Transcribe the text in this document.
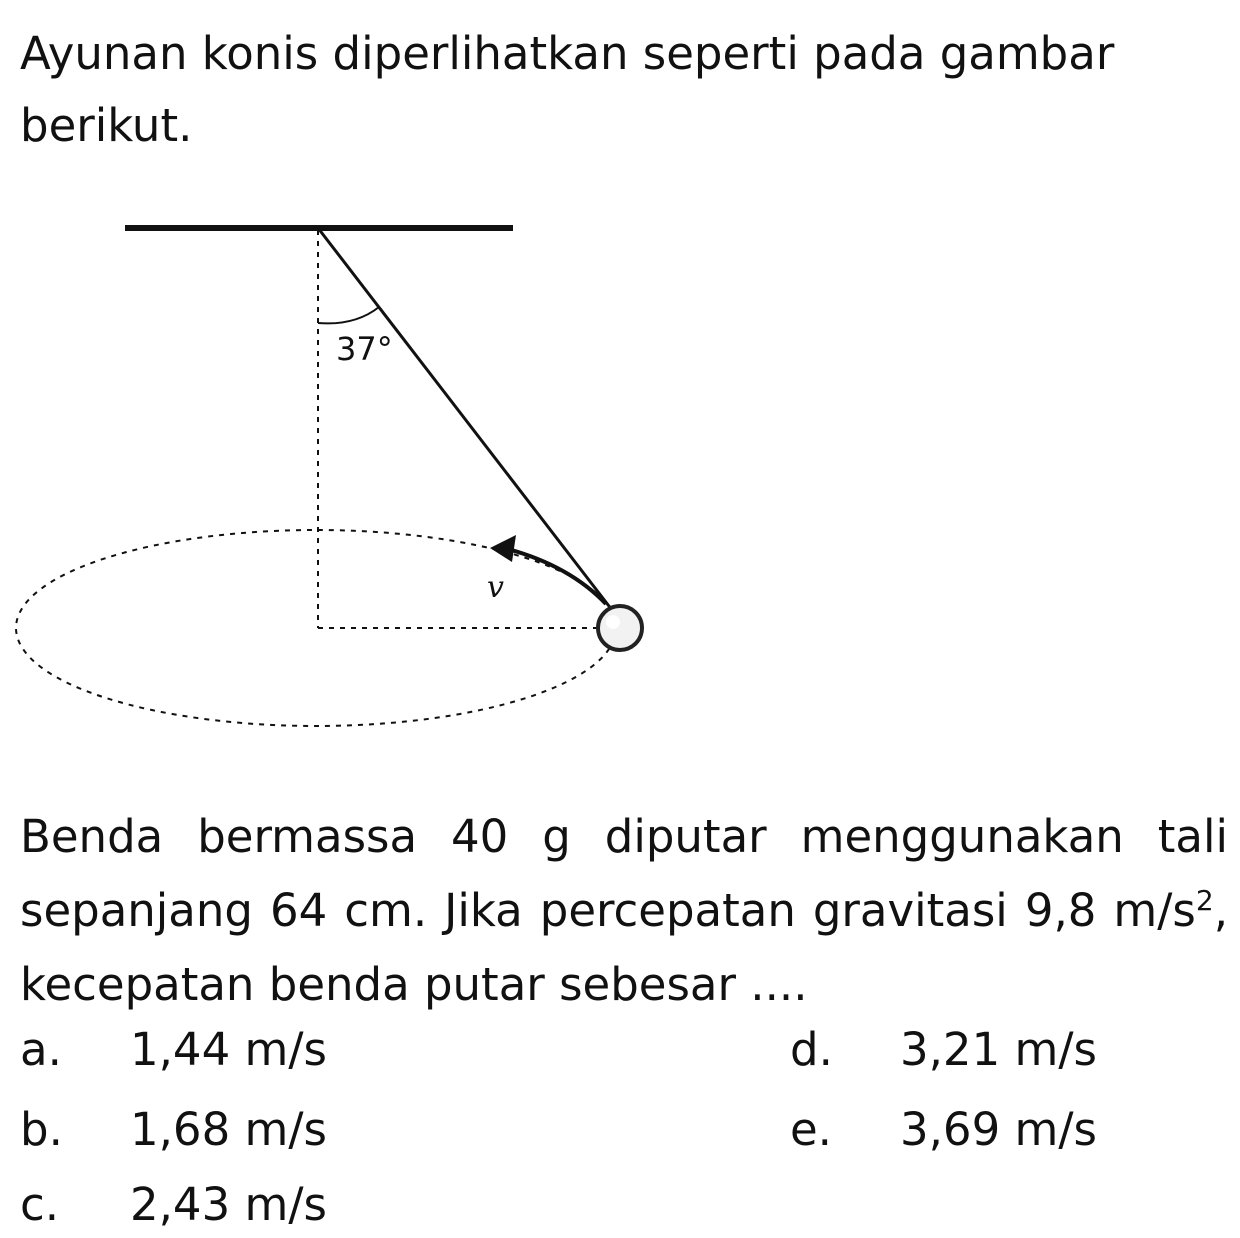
Ayunan konis diperlihatkan seperti pada gambar berikut.

37°
v

Benda bermassa 40 g diputar menggunakan tali sepanjang 64 cm. Jika percepatan gravitasi 9,8 $m/s^2$, kecepatan benda putar sebesar ....

a. 1,44 m/s
b. 1,68 m/s
c. 2,43 m/s
d. 3,21 m/s
e. 3,69 m/s
